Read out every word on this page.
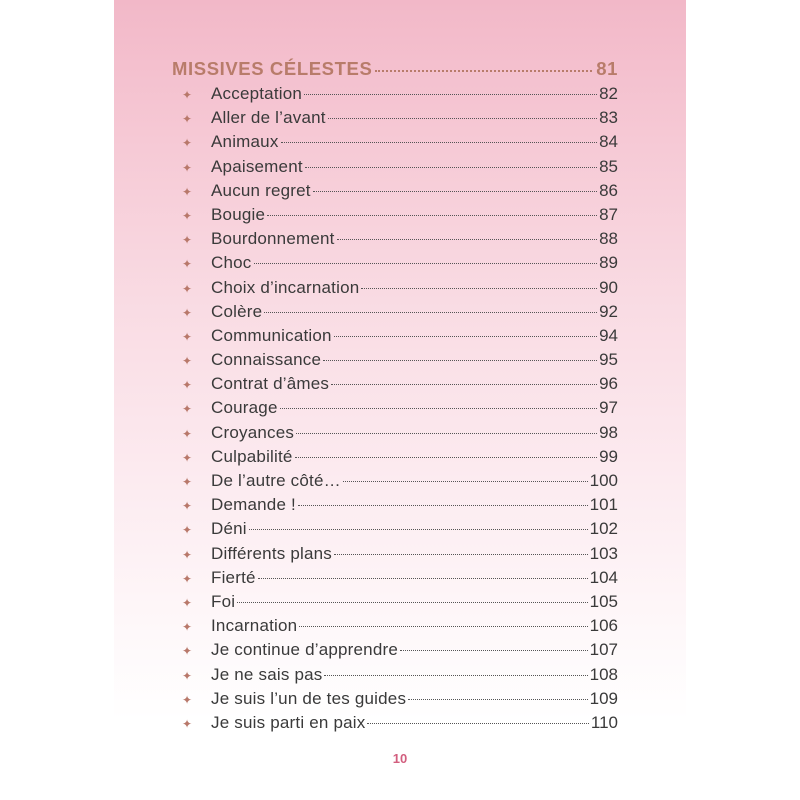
MISSIVES CÉLESTES	81
✦	Acceptation	82
✦	Aller de l’avant	83
✦	Animaux	84
✦	Apaisement	85
✦	Aucun regret	86
✦	Bougie	87
✦	Bourdonnement	88
✦	Choc	89
✦	Choix d’incarnation	90
✦	Colère	92
✦	Communication	94
✦	Connaissance	95
✦	Contrat d’âmes	96
✦	Courage	97
✦	Croyances	98
✦	Culpabilité	99
✦	De l’autre côté…	100
✦	Demande !	101
✦	Déni	102
✦	Différents plans	103
✦	Fierté	104
✦	Foi	105
✦	Incarnation	106
✦	Je continue d’apprendre	107
✦	Je ne sais pas	108
✦	Je suis l’un de tes guides	109
✦	Je suis parti en paix	110
10
